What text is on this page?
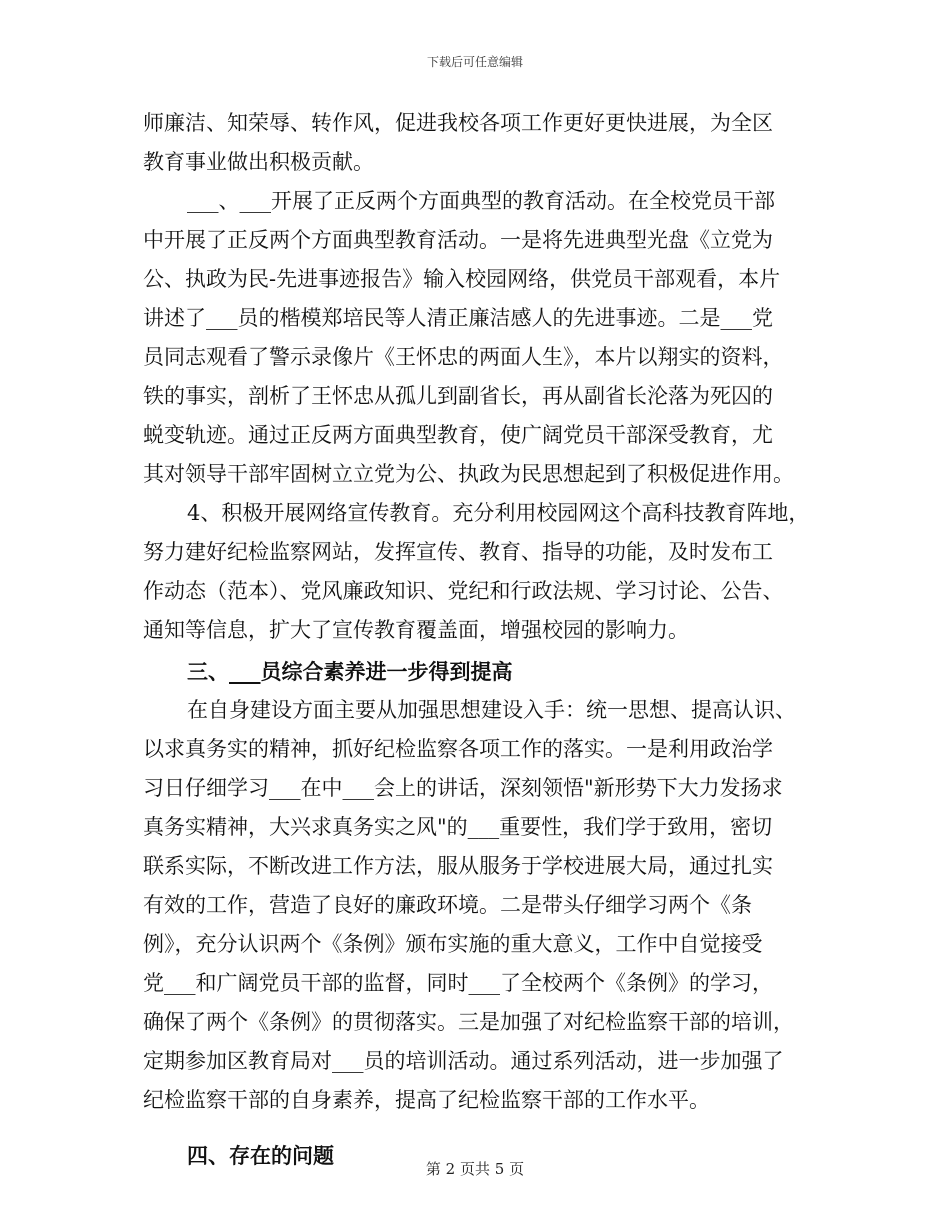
下载后可任意编辑
师廉洁、知荣辱、转作风，促进我校各项工作更好更快进展，为全区
教育事业做出积极贡献。
___、___开展了正反两个方面典型的教育活动。在全校党员干部
中开展了正反两个方面典型教育活动。一是将先进典型光盘《立党为
公、执政为民-先进事迹报告》输入校园网络，供党员干部观看，本片
讲述了___员的楷模郑培民等人清正廉洁感人的先进事迹。二是___党
员同志观看了警示录像片《王怀忠的两面人生》，本片以翔实的资料，
铁的事实，剖析了王怀忠从孤儿到副省长，再从副省长沦落为死囚的
蜕变轨迹。通过正反两方面典型教育，使广阔党员干部深受教育，尤
其对领导干部牢固树立立党为公、执政为民思想起到了积极促进作用。
4、积极开展网络宣传教育。充分利用校园网这个高科技教育阵地，
努力建好纪检监察网站，发挥宣传、教育、指导的功能，及时发布工
作动态（范本）、党风廉政知识、党纪和行政法规、学习讨论、公告、
通知等信息，扩大了宣传教育覆盖面，增强校园的影响力。
三、___员综合素养进一步得到提高
在自身建设方面主要从加强思想建设入手：统一思想、提高认识、
以求真务实的精神，抓好纪检监察各项工作的落实。一是利用政治学
习日仔细学习___在中___会上的讲话，深刻领悟"新形势下大力发扬求
真务实精神，大兴求真务实之风"的___重要性，我们学于致用，密切
联系实际，不断改进工作方法，服从服务于学校进展大局，通过扎实
有效的工作，营造了良好的廉政环境。二是带头仔细学习两个《条
例》，充分认识两个《条例》颁布实施的重大意义，工作中自觉接受
党___和广阔党员干部的监督，同时___了全校两个《条例》的学习，
确保了两个《条例》的贯彻落实。三是加强了对纪检监察干部的培训，
定期参加区教育局对___员的培训活动。通过系列活动，进一步加强了
纪检监察干部的自身素养，提高了纪检监察干部的工作水平。
四、存在的问题
第 2 页共 5 页
